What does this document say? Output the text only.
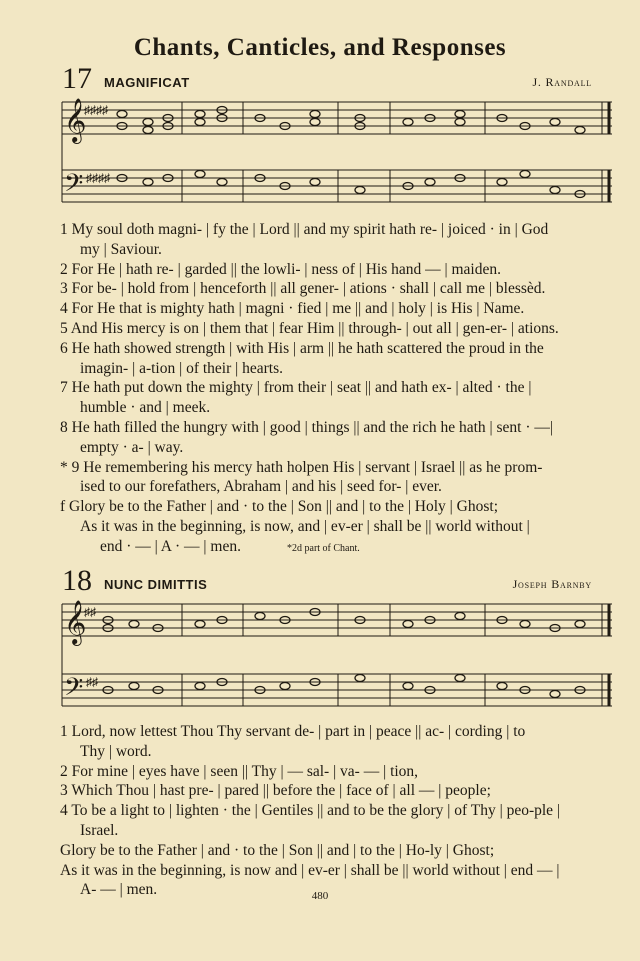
Chants, Canticles, and Responses
17 MAGNIFICAT	J. Randall
𝄞
𝄢
♯♯♯♯
♯♯♯♯
1 My soul doth magni- | fy the | Lord || and my spirit hath re- | joiced · in | God
my | Saviour.
2 For He | hath re- | garded || the lowli- | ness of | His hand — | maiden.
3 For be- | hold from | henceforth || all gener- | ations · shall | call me | blessèd.
4 For He that is mighty hath | magni · fied | me || and | holy | is His | Name.
5 And His mercy is on | them that | fear Him || through- | out all | gen-er- | ations.
6 He hath showed strength | with His | arm || he hath scattered the proud in the
imagin- | a-tion | of their | hearts.
7 He hath put down the mighty | from their | seat || and hath ex- | alted · the |
humble · and | meek.
8 He hath filled the hungry with | good | things || and the rich he hath | sent · —|
empty · a- | way.
* 9 He remembering his mercy hath holpen His | servant | Israel || as he prom-
ised to our forefathers, Abraham | and his | seed for- | ever.
f Glory be to the Father | and · to the | Son || and | to the | Holy | Ghost;
As it was in the beginning, is now, and | ev-er | shall be || world without |
end · — | A · — | men.	*2d part of Chant.
18 NUNC DIMITTIS	Joseph Barnby
𝄞
𝄢
♯♯
♯♯
1 Lord, now lettest Thou Thy servant de- | part in | peace || ac- | cording | to
Thy | word.
2 For mine | eyes have | seen || Thy | — sal- | va- — | tion,
3 Which Thou | hast pre- | pared || before the | face of | all — | people;
4 To be a light to | lighten · the | Gentiles || and to be the glory | of Thy | peo-ple |
Israel.
Glory be to the Father | and · to the | Son || and | to the | Ho-ly | Ghost;
As it was in the beginning, is now and | ev-er | shall be || world without | end — |
A- — | men.	480
